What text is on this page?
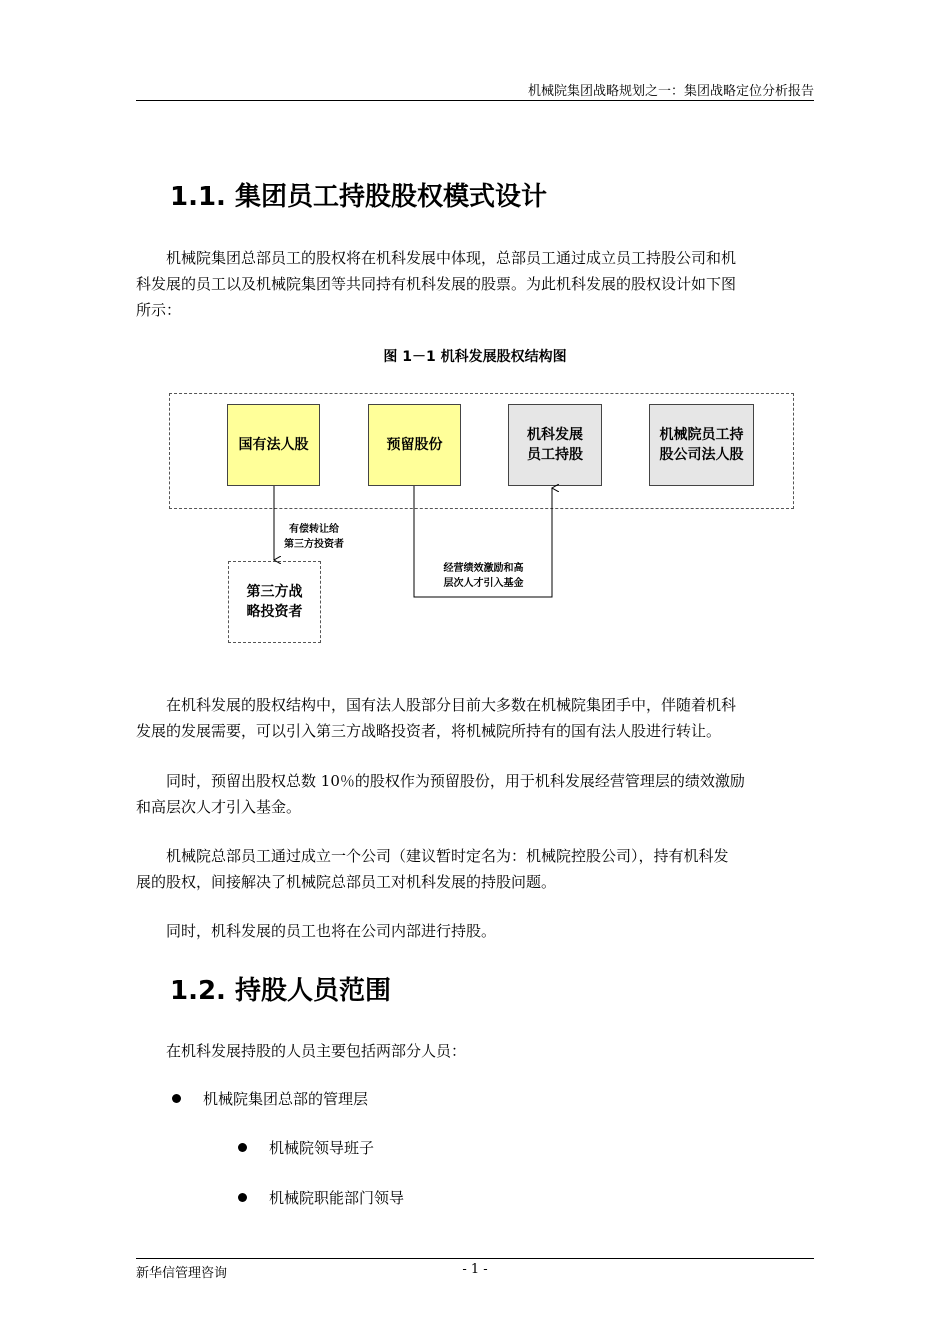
机械院集团战略规划之一：集团战略定位分析报告
1.1. 集团员工持股股权模式设计

机械院集团总部员工的股权将在机科发展中体现，总部员工通过成立员工持股公司和机
科发展的员工以及机械院集团等共同持有机科发展的股票。为此机科发展的股权设计如下图
所示：

图 1－1 机科发展股权结构图
国有法人股	预留股份
机科发展
员工持股
机械院员工持
股公司法人股
第三方战
略投资者
有偿转让给
第三方投资者
经营绩效激励和高
层次人才引入基金

在机科发展的股权结构中，国有法人股部分目前大多数在机械院集团手中，伴随着机科
发展的发展需要，可以引入第三方战略投资者，将机械院所持有的国有法人股进行转让。

同时，预留出股权总数 10％的股权作为预留股份，用于机科发展经营管理层的绩效激励
和高层次人才引入基金。

机械院总部员工通过成立一个公司（建议暂时定名为：机械院控股公司），持有机科发
展的股权，间接解决了机械院总部员工对机科发展的持股问题。

同时，机科发展的员工也将在公司内部进行持股。

1.2. 持股人员范围

在机科发展持股的人员主要包括两部分人员：

机械院集团总部的管理层
机械院领导班子
机械院职能部门领导
新华信管理咨询	- 1 -
